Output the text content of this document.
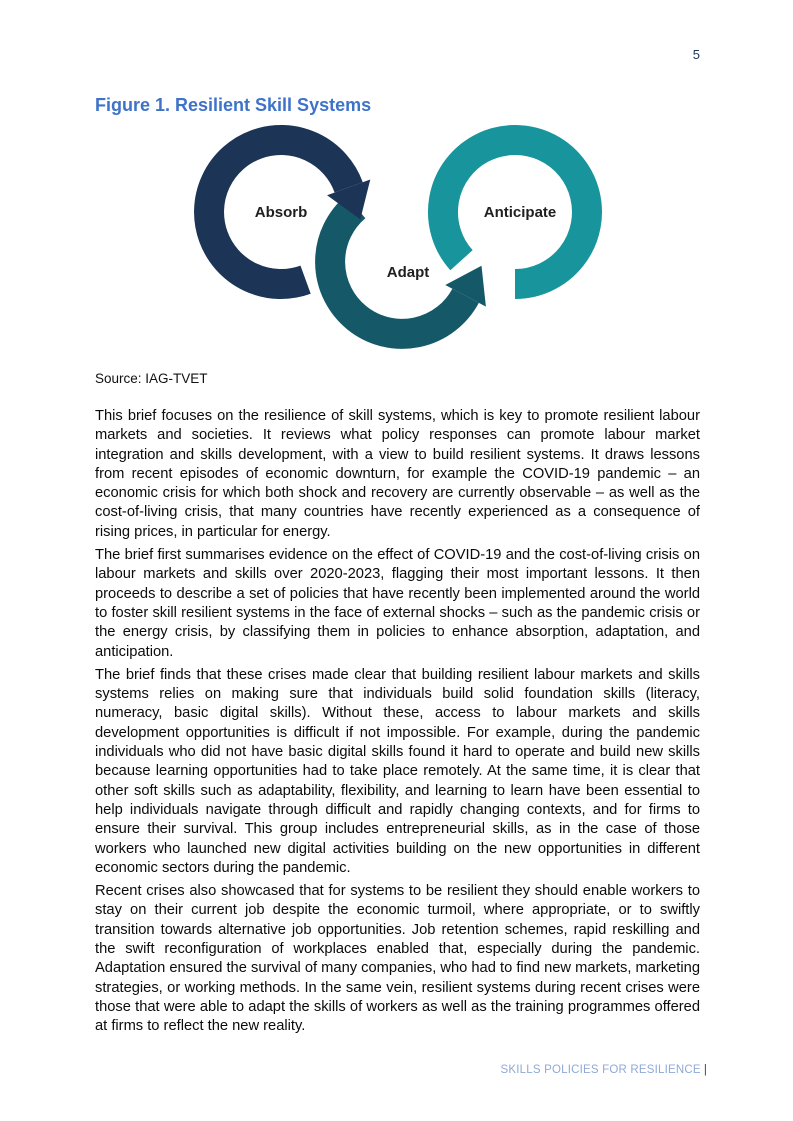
5
Figure 1. Resilient Skill Systems
Absorb
Adapt
Anticipate

Source: IAG-TVET

This brief focuses on the resilience of skill systems, which is key to promote resilient labour markets and societies. It reviews what policy responses can promote labour market integration and skills development, with a view to build resilient systems. It draws lessons from recent episodes of economic downturn, for example the COVID-19 pandemic – an economic crisis for which both shock and recovery are currently observable – as well as the cost-of-living crisis, that many countries have recently experienced as a consequence of rising prices, in particular for energy.

The brief first summarises evidence on the effect of COVID-19 and the cost-of-living crisis on labour markets and skills over 2020-2023, flagging their most important lessons. It then proceeds to describe a set of policies that have recently been implemented around the world to foster skill resilient systems in the face of external shocks – such as the pandemic crisis or the energy crisis, by classifying them in policies to enhance absorption, adaptation, and anticipation.

The brief finds that these crises made clear that building resilient labour markets and skills systems relies on making sure that individuals build solid foundation skills (literacy, numeracy, basic digital skills). Without these, access to labour markets and skills development opportunities is difficult if not impossible. For example, during the pandemic individuals who did not have basic digital skills found it hard to operate and build new skills because learning opportunities had to take place remotely. At the same time, it is clear that other soft skills such as adaptability, flexibility, and learning to learn have been essential to help individuals navigate through difficult and rapidly changing contexts, and for firms to ensure their survival. This group includes entrepreneurial skills, as in the case of those workers who launched new digital activities building on the new opportunities in different economic sectors during the pandemic.

Recent crises also showcased that for systems to be resilient they should enable workers to stay on their current job despite the economic turmoil, where appropriate, or to swiftly transition towards alternative job opportunities. Job retention schemes, rapid reskilling and the swift reconfiguration of workplaces enabled that, especially during the pandemic. Adaptation ensured the survival of many companies, who had to find new markets, marketing strategies, or working methods. In the same vein, resilient systems during recent crises were those that were able to adapt the skills of workers as well as the training programmes offered at firms to reflect the new reality.

SKILLS POLICIES FOR RESILIENCE |
